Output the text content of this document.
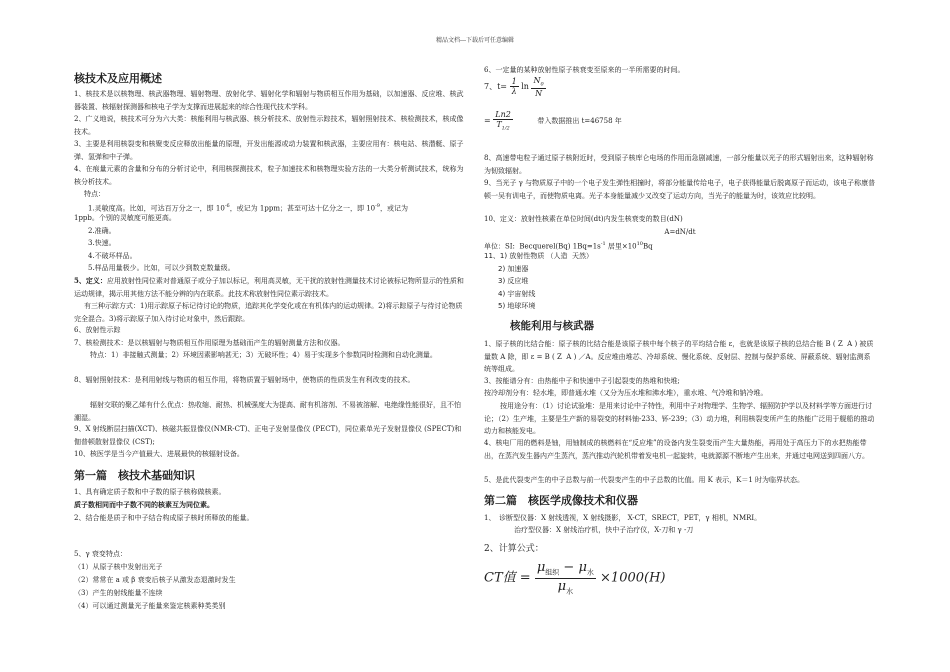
精品文档---下载后可任意编辑
核技术及应用概述

1、核技术是以核物理、核武器物理、辐射物理、放射化学、辐射化学和辐射与物质相互作用为基础，以加速器、反应堆、核武器装置、核辐射探测器和核电子学为支撑而进展起来的综合性现代技术学科。

2、广义地说，核技术可分为六大类：核能利用与核武器、核分析技术、放射性示踪技术，辐射照射技术、核检测技术，核成像技术。

3、主要是利用核裂变和核聚变反应释放出能量的原理，开发出能源或动力装置和核武器，主要应用有：核电站、核潜艇、原子弹、氢弹和中子弹。

4、在痕量元素的含量和分布的分析讨论中，利用核探测技术，粒子加速技术和核物理实验方法的一大类分析测试技术，统称为核分析技术。

特点：

1.灵敏度高。比如，可达百万分之一，即 $10^{-6}$，或记为 1ppm；甚至可达十亿分之一，即 $10^{-9}$，或记为

1ppb。个别的灵敏度可能更高。

2.准确。

3.快速。

4.不破坏样品。

5.样品用量极少。比如，可以少到数克数量级。

5、定义：应用放射性同位素对普通原子或分子加以标记，利用高灵敏，无干扰的放射性测量技术讨论被标记物所显示的性质和运动规律，揭示用其他方法不能分辨的内在联系。此技术称放射性同位素示踪技术。

有三种示踪方式：1)用示踪原子标记待讨论的物质，追踪其化学变化或在有机体内的运动规律。2)将示踪原子与待讨论物质完全混合。3)将示踪原子加入待讨论对象中，然后跟踪。

6、放射性示踪

7、核检测技术：是以核辐射与物质相互作用原理为基础而产生的辐射测量方法和仪器。

特点：1）非接触式测量；2）环境因素影响甚无；3）无破坏性；4）易于实现多个参数同时检测和自动化测量。

8、辐射照射技术：是利用射线与物质的相互作用，将物质置于辐射场中，使物质的性质发生有利改变的技术。

辐射交联的聚乙烯有什么优点：热收缩、耐热、机械强度大为提高、耐有机溶剂、不易被溶解、电绝缘性能很好，且不怕潮湿。

9、X 射线断层扫描(XCT)、核磁共振显像仪(NMR-CT)、正电子发射显像仪 (PECT)，同位素单光子发射显像仪 (SPECT)和伽普顿散射显像仪 (CST);

10、核医学是当今产值最大、进展最快的核辐射设备。

第一篇　核技术基础知识

1、具有确定质子数和中子数的原子核称做核素。

质子数相同而中子数不同的核素互为同位素。

2、结合能是质子和中子结合构成原子核时所释放的能量。

5、γ 衰变特点：

（1）从原子核中发射出光子

（2）常常在 a 或 β 衰变后核子从激发态退激时发生

（3）产生的射线能量不连续

（4）可以通过测量光子能量来鉴定核素种类类别

6、一定量的某种放射性原子核衰变至原来的一半所需要的时间。

7、$t= \frac{1}{\lambda}$ $\ln \frac{N_0}{N}$
= $\frac{Ln2}{T_{1/2}}$	带入数据推出 t=46758 年

8、高速带电粒子通过原子核附近时，受到原子核库仑电场的作用而急剧减速，一部分能量以光子的形式辐射出来，这种辐射称为韧致辐射。

9、当光子 γ 与物质原子中的一个电子发生弹性相撞时，将部分能量传给电子，电子获得能量后脱离原子而运动，该电子称康普顿一吴有训电子，而使物质电离。光子本身能量减少又改变了运动方向，当光子的能量为时，该效应比较明。

10、定义：放射性核素在单位时间(dt)内发生核衰变的数目(dN)

A=dN/dt

单位：SI:  Becquerel(Bq) $1Bq=1s^{-1}$ 居里$\times 10^{10}Bq$

11、1) 放射性物质 （人造  天然）

2) 加速器

3) 反应堆

4) 宇宙射线

5) 地球环境

核能利用与核武器

1、原子核的比结合能：原子核的比结合能是该原子核中每个核子的平均结合能 ε，也就是该原子核的总结合能 B ( Z  A ) 被质量数 A 除，即 ε = B ( Z  A ) ／A。反应堆由堆芯、冷却系统、慢化系统、反射层、控制与保护系统、屏蔽系统、辐射监测系统等组成。

3、按能谱分有：由热能中子和快速中子引起裂变的热堆和快堆;

按冷却剂分有：轻水堆，即普通水堆（又分为压水堆和沸水堆），重水堆、气冷堆和钠冷堆。

按用途分有：（1）讨论试验堆：是用来讨论中子特性，利用中子对物理学、生物学、辐照防护学以及材料学等方面进行讨论；（2）生产堆，主要是生产新的易裂变的材料铀-233、钚-239；（3）动力堆，利用核裂变所产生的热能广泛用于舰船的推动动力和核能发电。

4、核电厂用的燃料是铀，用铀制成的核燃料在“反应堆”的设备内发生裂变而产生大量热能，再用处于高压力下的水把热能带出，在蒸汽发生器内产生蒸汽，蒸汽推动汽轮机带着发电机一起旋转，电就源源不断地产生出来，并通过电网送到四面八方。

5、是此代裂变产生的中子总数与前一代裂变产生的中子总数的比值。用 K 表示，K＝1 时为临界状态。

第二篇　核医学成像技术和仪器

1、　诊断型仪器：X 射线透视，X 射线摄影， X-CT，SRECT，PET，γ 相机，NMRI。

治疗型仪器：X 射线治疗机，快中子治疗仪，X-刀和 γ -刀

2、计算公式：

CT值 = $\frac{\mu_{组织} - \mu_水}{\mu_水} \times 1000(H)$
